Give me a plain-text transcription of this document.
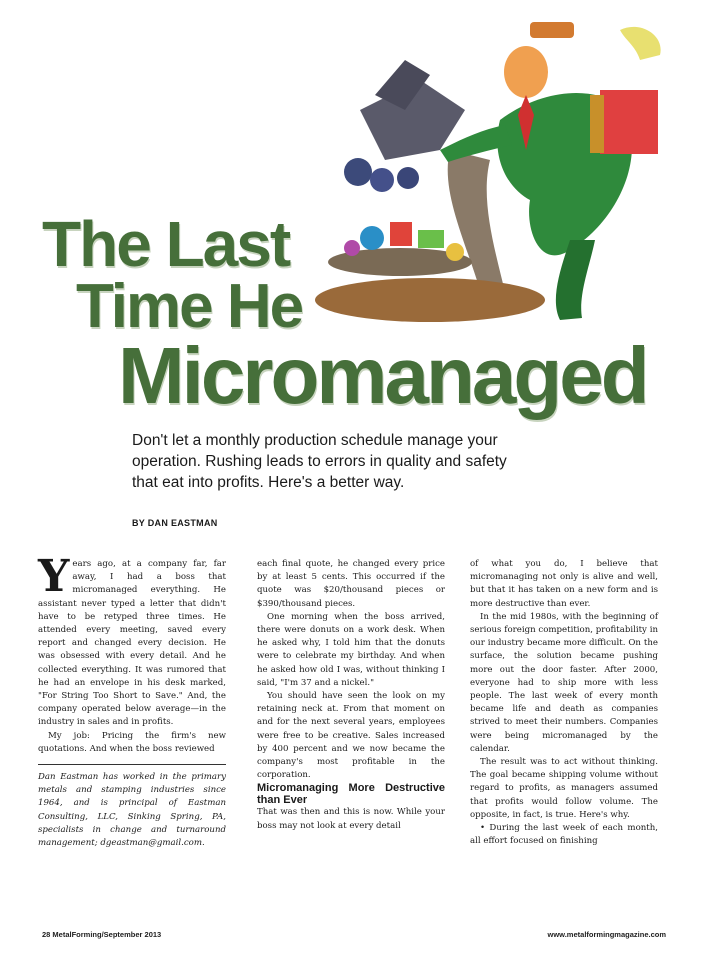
The Last
Time He
Micromanaged
Don't let a monthly production schedule manage your operation. Rushing leads to errors in quality and safety that eat into profits. Here's a better way.
BY DAN EASTMAN

Years ago, at a company far, far away, I had a boss that micromanaged everything. He assistant never typed a letter that didn't have to be retyped three times. He attended every meeting, saved every report and changed every decision. He was obsessed with every detail. And he collected everything. It was rumored that he had an envelope in his desk marked, "For String Too Short to Save." And, the company operated below average—in the industry in sales and in profits.

My job: Pricing the firm's new quotations. And when the boss reviewed

Dan Eastman has worked in the primary metals and stamping industries since 1964, and is principal of Eastman Consulting, LLC, Sinking Spring, PA, specialists in change and turnaround management; dgeastman@gmail.com.

each final quote, he changed every price by at least 5 cents. This occurred if the quote was $20/thousand pieces or $390/thousand pieces.

One morning when the boss arrived, there were donuts on a work desk. When he asked why, I told him that the donuts were to celebrate my birthday. And when he asked how old I was, without thinking I said, "I'm 37 and a nickel."

You should have seen the look on my retaining neck at. From that moment on and for the next several years, employees were free to be creative. Sales increased by 400 percent and we now became the company's most profitable in the corporation.

Micromanaging More Destructive than Ever

That was then and this is now. While your boss may not look at every detail

of what you do, I believe that micromanaging not only is alive and well, but that it has taken on a new form and is more destructive than ever.

In the mid 1980s, with the beginning of serious foreign competition, profitability in our industry became more difficult. On the surface, the solution became pushing more out the door faster. After 2000, everyone had to ship more with less people. The last week of every month became life and death as companies strived to meet their numbers. Companies were being micromanaged by the calendar.

The result was to act without thinking. The goal became shipping volume without regard to profits, as managers assumed that profits would follow volume. The opposite, in fact, is true. Here's why.

• During the last week of each month, all effort focused on finishing

28 MetalForming/September 2013	www.metalformingmagazine.com
